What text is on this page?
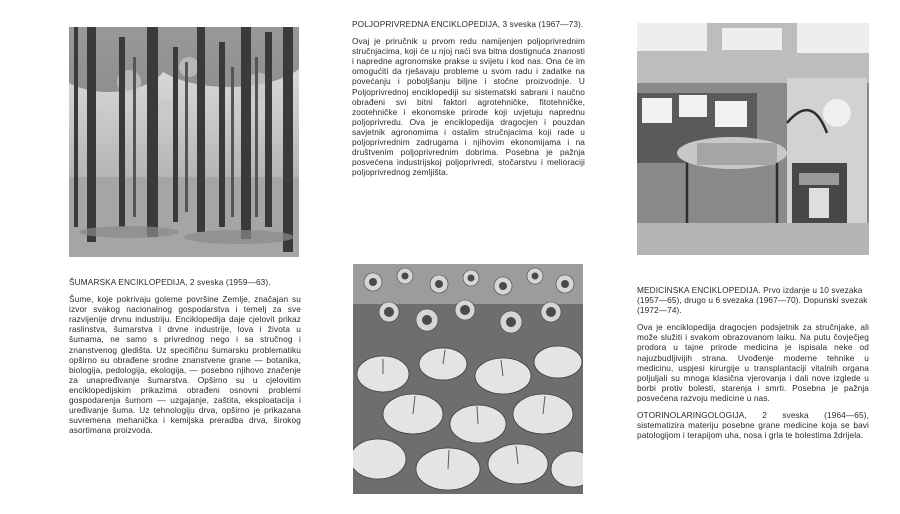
ŠUMARSKA ENCIKLOPEDIJA, 2 sveska (1959—63).

Šume, koje pokrivaju goleme površine Zemlje, značajan su izvor svakog nacionalnog gospodarstva i temelj za sve razvijenije drvnu industriju. Enciklopedija daje cjelovit prikaz raslinstva, šumarstva i drvne industrije, lova i života u šumama, ne samo s privrednog nego i sa stručnog i znanstvenog gledišta. Uz specifičnu šumarsku problematiku opširno su obrađene srodne znanstvene grane — botanika, biologija, pedologija, ekologija, — posebno njihovo značenje za unapređivanje šumarstva. Opširno su u cjelovitim enciklopedijskim prikazima obrađeni osnovni problemi gospodarenja šumom — uzgajanje, zaštita, eksploatacija i uređivanje šuma. Uz tehnologiju drva, opširno je prikazana suvremena mehanička i kemijska preradba drva, širokog asortimana proizvoda.

POLJOPRIVREDNA ENCIKLOPEDIJA, 3 sveska (1967—73).

Ovaj je priručnik u prvom redu namijenjen poljoprivrednim stručnjacima, koji će u njoj naći sva bitna dostignuća znanosti i napredne agronomske prakse u svijetu i kod nas. Ona će im omogućiti da rješavaju probleme u svom radu i zadatke na povećanju i poboljšanju biljne i stočne proizvodnje. U Poljoprivrednoj enciklopediji su sistematski sabrani i naučno obrađeni svi bitni faktori agrotehničke, fitotehničke, zootehničke i ekonomske prirode koji uvjetuju naprednu poljoprivredu. Ova je enciklopedija dragocjen i pouzdan savjetnik agronomima i ostalim stručnjacima koji rade u poljoprivrednim zadrugama i njihovim ekonomijama i na društvenim poljoprivrednim dobrima. Posebna je pažnja posvećena industrijskoj poljoprivredi, stočarstvu i melioraciji poljoprivrednog zemljišta.

MEDICINSKA ENCIKLOPEDIJA. Prvo izdanje u 10 svezaka (1957—65), drugo u 6 svezaka (1967—70). Dopunski svezak (1972—74).

Ova je enciklopedija dragocjen podsjetnik za stručnjake, ali može služiti i svakom obrazovanom laiku. Na putu čovječjeg prodora u tajne prirode medicina je ispisala neke od najuzbudljivijih strana. Uvođenje moderne tehnike u medicinu, uspjesi kirurgije u transplantaciji vitalnih organa poljuljali su mnoga klasična vjerovanja i dali nove izglede u borbi protiv bolesti, starenja i smrti. Posebna je pažnja posvećena razvoju medicine u nas.

OTORINOLARINGOLOGIJA, 2 sveska (1964—65), sistematizira materiju posebne grane medicine koja se bavi patologijom i terapijom uha, nosa i grla te bolestima ždrijela.
